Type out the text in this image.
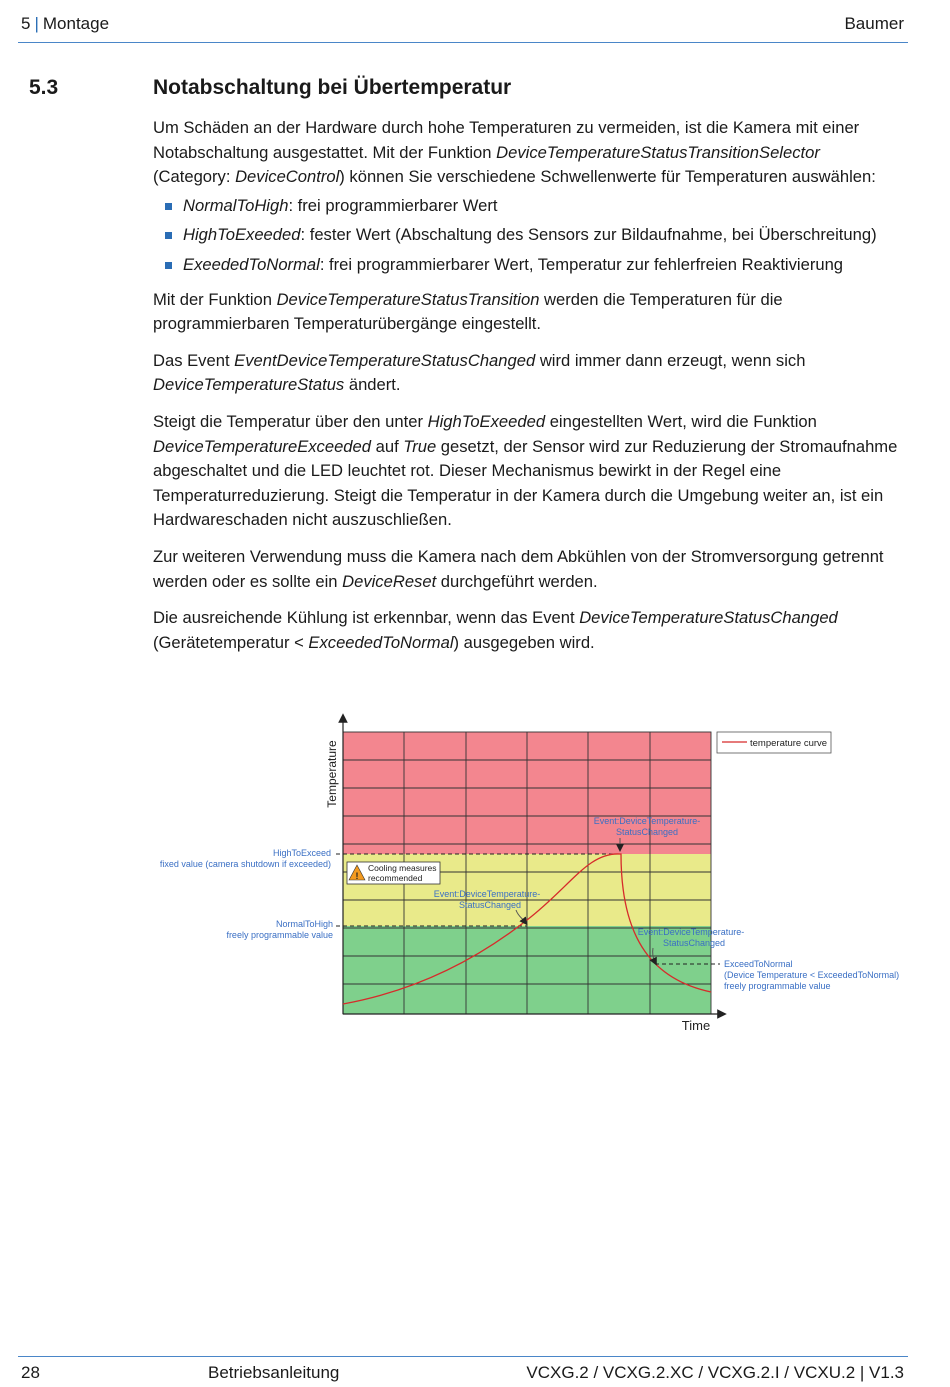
5 | Montage	Baumer
5.3	Notabschaltung bei Übertemperatur

Um Schäden an der Hardware durch hohe Temperaturen zu vermeiden, ist die Kamera mit einer Notabschaltung ausgestattet. Mit der Funktion DeviceTemperatureStatusTransitionSelector (Category: DeviceControl) können Sie verschiedene Schwellenwerte für Temperaturen auswählen:

NormalToHigh: frei programmierbarer Wert
HighToExeeded: fester Wert (Abschaltung des Sensors zur Bildaufnahme, bei Überschreitung)
ExeededToNormal: frei programmierbarer Wert, Temperatur zur fehlerfreien Reaktivierung

Mit der Funktion DeviceTemperatureStatusTransition werden die Temperaturen für die programmierbaren Temperaturübergänge eingestellt.

Das Event EventDeviceTemperatureStatusChanged wird immer dann erzeugt, wenn sich DeviceTemperatureStatus ändert.

Steigt die Temperatur über den unter HighToExeeded eingestellten Wert, wird die Funktion DeviceTemperatureExceeded auf True gesetzt, der Sensor wird zur Reduzierung der Stromaufnahme abgeschaltet und die LED leuchtet rot. Dieser Mechanismus bewirkt in der Regel eine Temperaturreduzierung. Steigt die Temperatur in der Kamera durch die Umgebung weiter an, ist ein Hardwareschaden nicht auszuschließen.

Zur weiteren Verwendung muss die Kamera nach dem Abkühlen von der Stromversorgung getrennt werden oder es sollte ein DeviceReset durchgeführt werden.

Die ausreichende Kühlung ist erkennbar, wenn das Event DeviceTemperatureStatusChanged (Gerätetemperatur < ExceededToNormal) ausgegeben wird.

Temperature
Time
temperature curve
HighToExceed
fixed value (camera shutdown if exceeded)
NormalToHigh
freely programmable value
ExceedToNormal
(Device Temperature < ExceededToNormal)
freely programmable value
Event:DeviceTemperature-
StatusChanged
Event:DeviceTemperature-
StatusChanged
Event:DeviceTemperature-
StatusChanged
!
Cooling measures
recommended
28	Betriebsanleitung	VCXG.2 / VCXG.2.XC / VCXG.2.I / VCXU.2 | V1.3
